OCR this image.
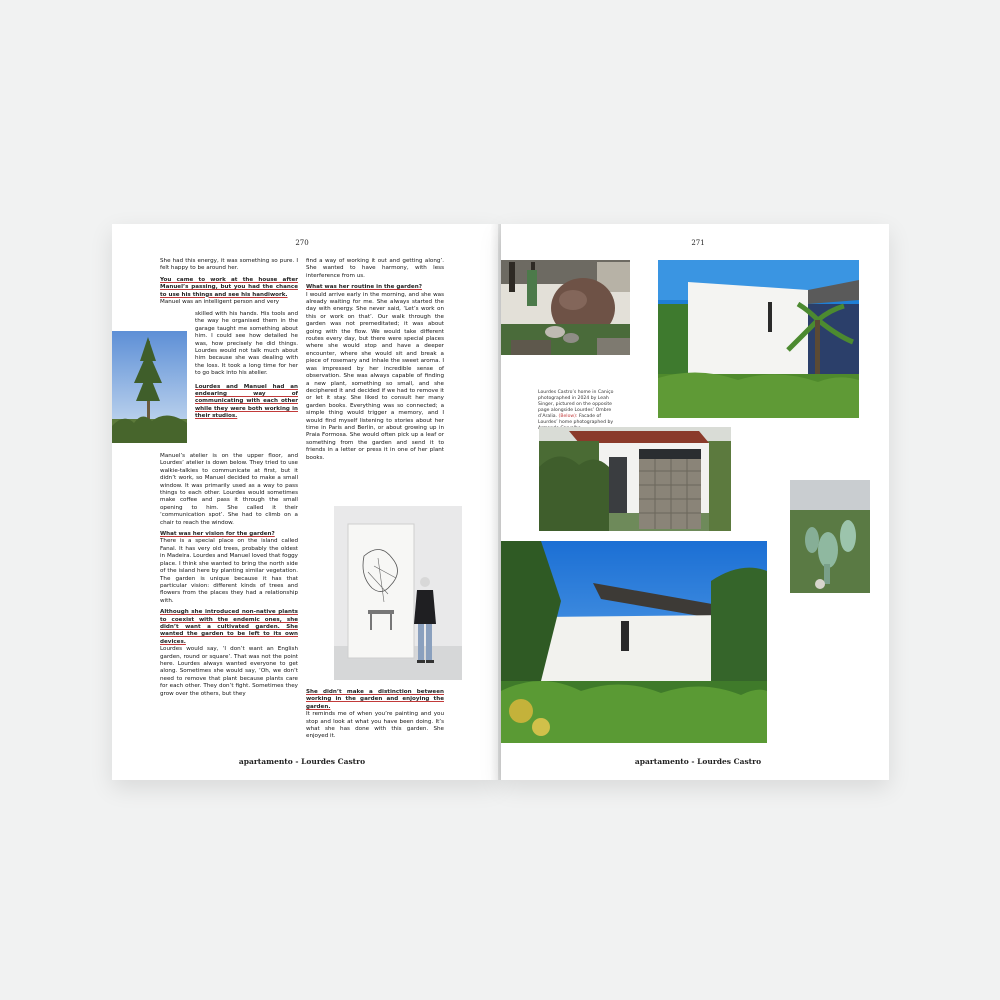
270

She had this energy, it was something so pure. I felt happy to be around her.

You came to work at the house after Manuel’s passing, but you had the chance to use his things and see his handiwork.

Manuel was an intelligent person and very

skilled with his hands. His tools and the way he organised them in the garage taught me something about him. I could see how detailed he was, how precisely he did things. Lourdes would not talk much about him because she was dealing with the loss. It took a long time for her to go back into his atelier.

Lourdes and Manuel had an endearing way of communicating with each other while they were both working in their studios.

Manuel’s atelier is on the upper floor, and Lourdes’ atelier is down below. They tried to use walkie-talkies to communicate at first, but it didn’t work, so Manuel decided to make a small window. It was primarily used as a way to pass things to each other. Lourdes would sometimes make coffee and pass it through the small opening to him. She called it their ‘communication spot’. She had to climb on a chair to reach the window.

What was her vision for the garden?

There is a special place on the island called Fanal. It has very old trees, probably the oldest in Madeira. Lourdes and Manuel loved that foggy place. I think she wanted to bring the north side of the island here by planting similar vegetation. The garden is unique because it has that particular vision: different kinds of trees and flowers from the places they had a relationship with.

Although she introduced non-native plants to coexist with the endemic ones, she didn’t want a cultivated garden. She wanted the garden to be left to its own devices.

Lourdes would say, ‘I don’t want an English garden, round or square’. That was not the point here. Lourdes always wanted everyone to get along. Sometimes she would say, ‘Oh, we don’t need to remove that plant because plants care for each other. They don’t fight. Sometimes they grow over the others, but they

find a way of working it out and getting along’. She wanted to have harmony, with less interference from us.

What was her routine in the garden?

I would arrive early in the morning, and she was already waiting for me. She always started the day with energy. She never said, ‘Let’s work on this or work on that’. Our walk through the garden was not premeditated; it was about going with the flow. We would take different routes every day, but there were special places where she would stop and have a deeper encounter, where she would sit and break a piece of rosemary and inhale the sweet aroma. I was impressed by her incredible sense of observation. She was always capable of finding a new plant, something so small, and she deciphered it and decided if we had to remove it or let it stay. She liked to consult her many garden books. Everything was so connected; a simple thing would trigger a memory, and I would find myself listening to stories about her time in Paris and Berlin, or about growing up in Praia Formosa. She would often pick up a leaf or something from the garden and send it to friends in a letter or press it in one of her plant books.

She didn’t make a distinction between working in the garden and enjoying the garden.

It reminds me of when you’re painting and you stop and look at what you have been doing. It’s what she has done with this garden. She enjoyed it.

apartamento - Lourdes Castro
271
Lourdes Castro’s home in Caniço photographed in 2024 by Leah Singer, pictured on the opposite page alongside Lourdes’ Ombre d’Aralia. (Below): Facade of Lourdes’ home photographed by
apartamento - Lourdes Castro
